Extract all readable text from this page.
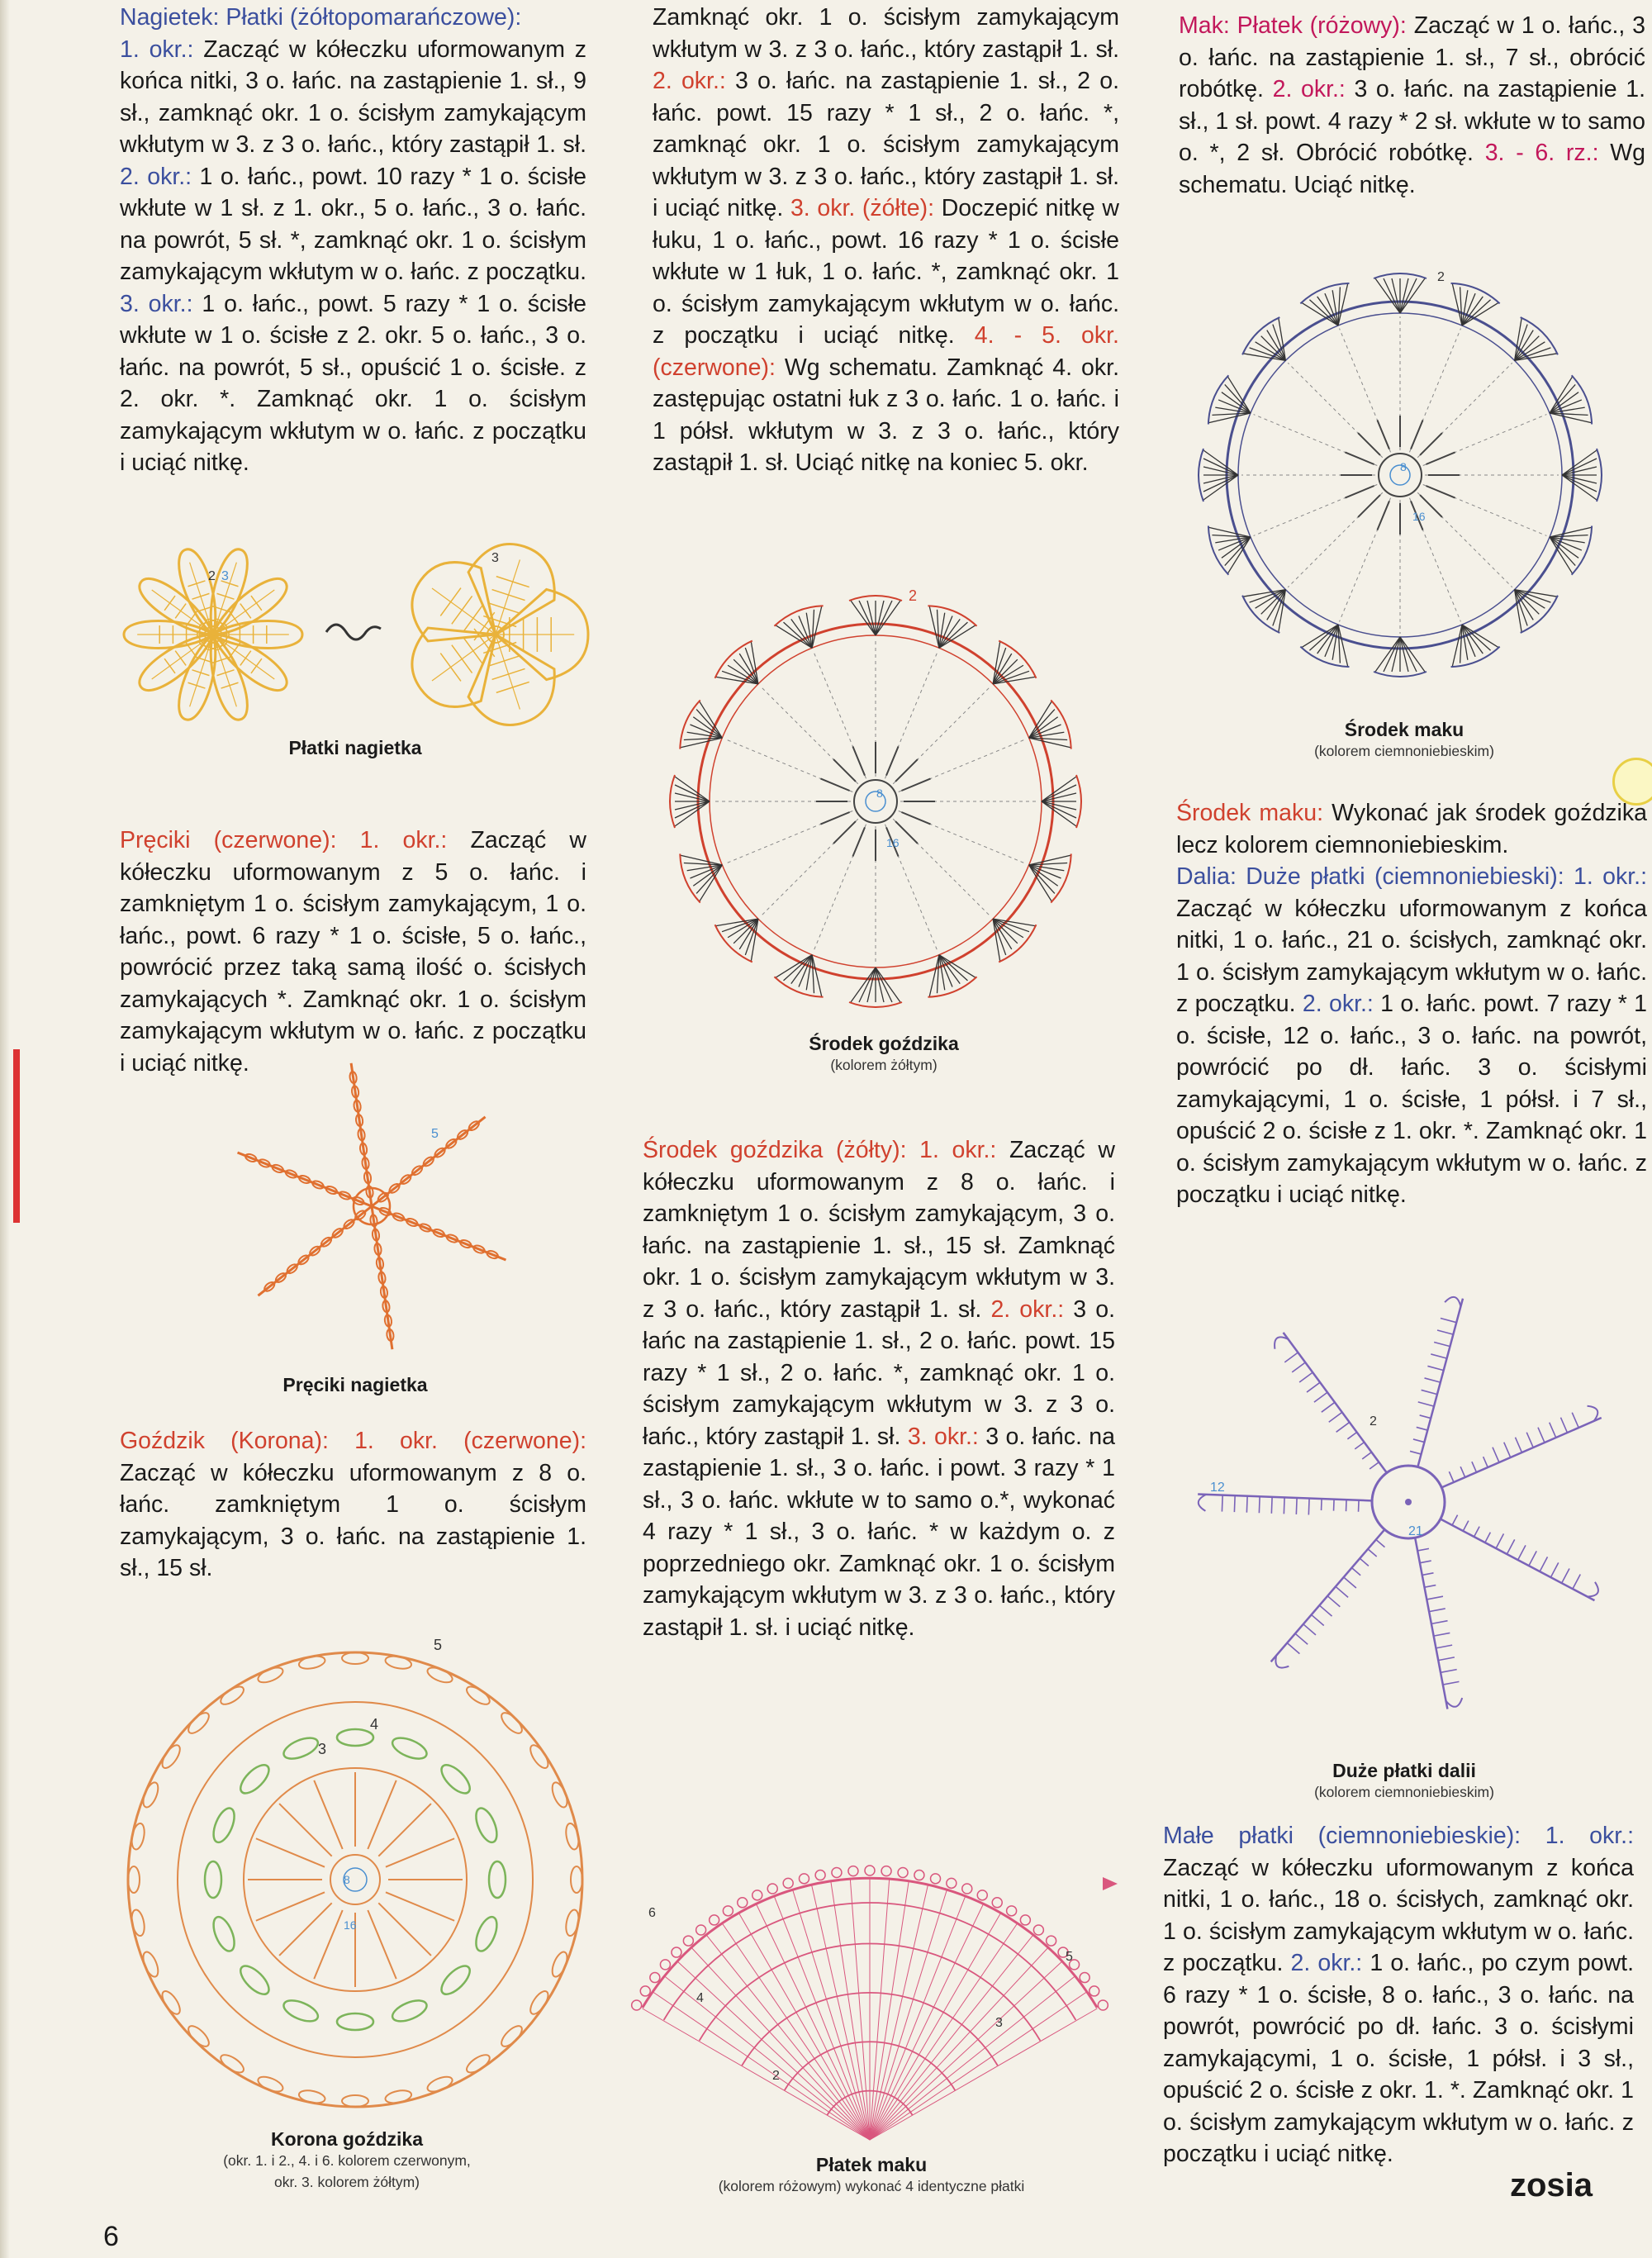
Nagietek: Płatki (żółtopomarańczowe):
1. okr.: Zacząć w kółeczku uformowanym z końca nitki, 3 o. łańc. na zastąpienie 1. sł., 9 sł., zamknąć okr. 1 o. ścisłym zamykającym wkłutym w 3. z 3 o. łańc., który zastąpił 1. sł. 2. okr.: 1 o. łańc., powt. 10 razy * 1 o. ścisłe wkłute w 1 sł. z 1. okr., 5 o. łańc., 3 o. łańc. na powrót, 5 sł. *, zamknąć okr. 1 o. ścisłym zamykającym wkłutym w o. łańc. z początku. 3. okr.: 1 o. łańc., powt. 5 razy * 1 o. ścisłe wkłute w 1 o. ścisłe z 2. okr. 5 o. łańc., 3 o. łańc. na powrót, 5 sł., opuścić 1 o. ścisłe. z 2. okr. *. Zamknąć okr. 1 o. ścisłym zamykającym wkłutym w o. łańc. z początku i uciąć nitkę.

2 3
3
Płatki nagietka

Pręciki (czerwone): 1. okr.: Zacząć w kółeczku uformowanym z 5 o. łańc. i zamkniętym 1 o. ścisłym zamykającym, 1 o. łańc., powt. 6 razy * 1 o. ścisłe, 5 o. łańc., powrócić przez taką samą ilość o. ścisłych zamykających *. Zamknąć okr. 1 o. ścisłym zamykającym wkłutym w o. łańc. z początku i uciąć nitkę.

5
Pręciki nagietka

Goździk (Korona): 1. okr. (czerwone): Zacząć w kółeczku uformowanym z 8 o. łańc. zamkniętym 1 o. ścisłym zamykającym, 3 o. łańc. na zastąpienie 1. sł., 15 sł.

5
4
3
8
16
Korona goździka
(okr. 1. i 2., 4. i 6. kolorem czerwonym,
okr. 3. kolorem żółtym)

Zamknąć okr. 1 o. ścisłym zamykającym wkłutym w 3. z 3 o. łańc., który zastąpił 1. sł. 2. okr.: 3 o. łańc. na zastąpienie 1. sł., 2 o. łańc. powt. 15 razy * 1 sł., 2 o. łańc. *, zamknąć okr. 1 o. ścisłym zamykającym wkłutym w 3. z 3 o. łańc., który zastąpił 1. sł. i uciąć nitkę. 3. okr. (żółte): Doczepić nitkę w łuku, 1 o. łańc., powt. 16 razy * 1 o. ścisłe wkłute w 1 łuk, 1 o. łańc. *, zamknąć okr. 1 o. ścisłym zamykającym wkłutym w o. łańc. z początku i uciąć nitkę. 4. - 5. okr. (czerwone): Wg schematu. Zamknąć 4. okr. zastępując ostatni łuk z 3 o. łańc. 1 o. łańc. i 1 półsł. wkłutym w 3. z 3 o. łańc., który zastąpił 1. sł. Uciąć nitkę na koniec 5. okr.

2
8
16
Środek goździka
(kolorem żółtym)

Środek goździka (żółty): 1. okr.: Zacząć w kółeczku uformowanym z 8 o. łańc. i zamkniętym 1 o. ścisłym zamykającym, 3 o. łańc. na zastąpienie 1. sł., 15 sł. Zamknąć okr. 1 o. ścisłym zamykającym wkłutym w 3. z 3 o. łańc., który zastąpił 1. sł. 2. okr.: 3 o. łańc na zastąpienie 1. sł., 2 o. łańc. powt. 15 razy * 1 sł., 2 o. łańc. *, zamknąć okr. 1 o. ścisłym zamykającym wkłutym w 3. z 3 o. łańc., który zastąpił 1. sł. 3. okr.: 3 o. łańc. na zastąpienie 1. sł., 3 o. łańc. i powt. 3 razy * 1 sł., 3 o. łańc. wkłute w to samo o.*, wykonać 4 razy * 1 sł., 3 o. łańc. * w każdym o. z poprzedniego okr. Zamknąć okr. 1 o. ścisłym zamykającym wkłutym w 3. z 3 o. łańc., który zastąpił 1. sł. i uciąć nitkę.

6
5
4
3
2
Płatek maku
(kolorem różowym) wykonać 4 identyczne płatki

Mak: Płatek (różowy): Zacząć w 1 o. łańc., 3 o. łańc. na zastąpienie 1. sł., 7 sł., obrócić robótkę. 2. okr.: 3 o. łańc. na zastąpienie 1. sł., 1 sł. powt. 4 razy * 2 sł. wkłute w to samo o. *, 2 sł. Obrócić robótkę. 3. - 6. rz.: Wg schematu. Uciąć nitkę.

2
8
16
Środek maku
(kolorem ciemnoniebieskim)

Środek maku: Wykonać jak środek goździka lecz kolorem ciemnoniebieskim.

Dalia: Duże płatki (ciemnoniebieski): 1. okr.: Zacząć w kółeczku uformowanym z końca nitki, 1 o. łańc., 21 o. ścisłych, zamknąć okr. 1 o. ścisłym zamykającym wkłutym w o. łańc. z początku. 2. okr.: 1 o. łańc. powt. 7 razy * 1 o. ścisłe, 12 o. łańc., 3 o. łańc. na powrót, powrócić po dł. łańc. 3 o. ścisłymi zamykającymi, 1 o. ścisłe, 1 półsł. i 7 sł., opuścić 2 o. ścisłe z 1. okr. *. Zamknąć okr. 1 o. ścisłym zamykającym wkłutym w o. łańc. z początku i uciąć nitkę.

12
2
21
Duże płatki dalii
(kolorem ciemnoniebieskim)

Małe płatki (ciemnoniebieskie): 1. okr.: Zacząć w kółeczku uformowanym z końca nitki, 1 o. łańc., 18 o. ścisłych, zamknąć okr. 1 o. ścisłym zamykającym wkłutym w o. łańc. z początku. 2. okr.: 1 o. łańc., po czym powt. 6 razy * 1 o. ścisłe, 8 o. łańc., 3 o. łańc. na powrót, powrócić po dł. łańc. 3 o. ścisłymi zamykającymi, 1 o. ścisłe, 1 półsł. i 3 sł., opuścić 2 o. ścisłe z okr. 1. *. Zamknąć okr. 1 o. ścisłym zamykającym wkłutym w o. łańc. z początku i uciąć nitkę.

6
zosia
